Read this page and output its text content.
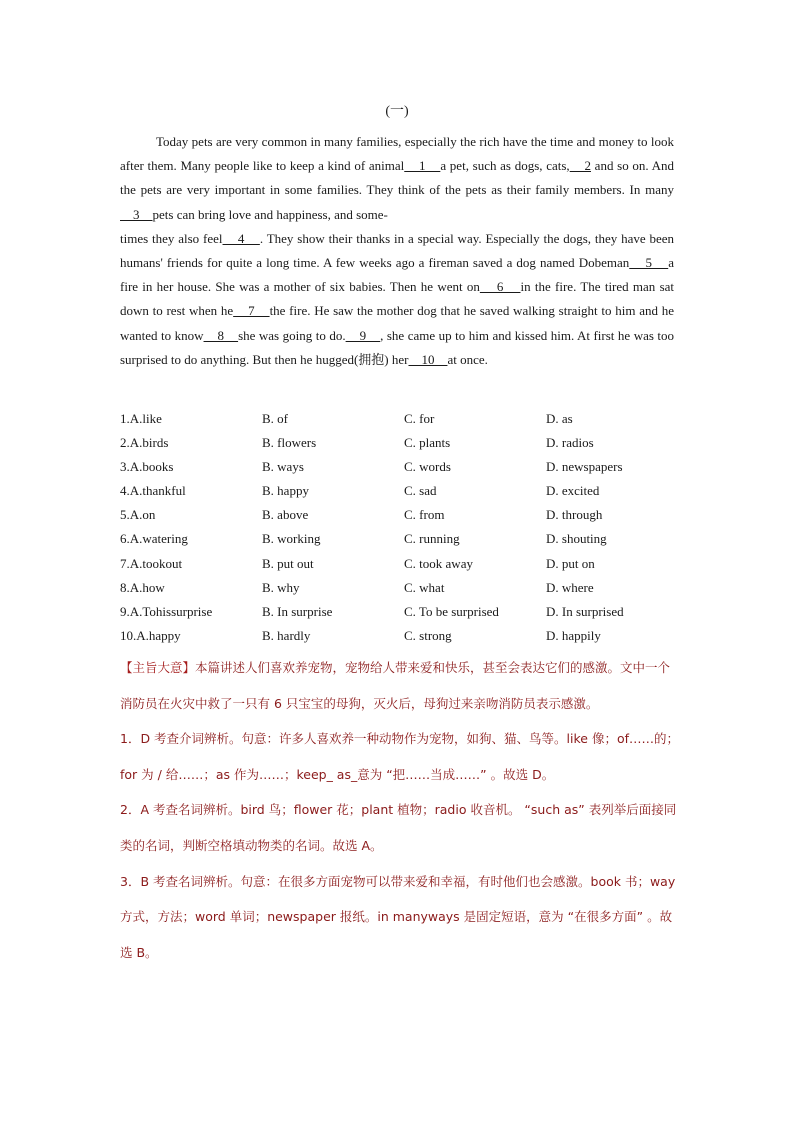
(一)

Today pets are very common in many families, especially the rich have the time and money to look after them. Many people like to keep a kind of animal    1    a pet, such as dogs, cats,    2 and so on. And the pets are very important in some families. They think of the pets as their family members. In many    3    pets can bring love and happiness, and some-

times they also feel    4    . They show their thanks in a special way. Especially the dogs, they have been humans' friends for quite a long time. A few weeks ago a fireman saved a dog named Dobeman    5    a fire in her house. She was a mother of six babies. Then he went on    6    in the fire. The tired man sat down to rest when he    7    the fire. He saw the mother dog that he saved walking straight to him and he wanted to know    8    she was going to do.    9    , she came up to him and kissed him. At first he was too surprised to do anything. But then he hugged(拥抱) her    10    at once.

1.A.like	B. of	C. for	D. as
2.A.birds	B. flowers	C. plants	D. radios
3.A.books	B. ways	C. words	D. newspapers
4.A.thankful	B. happy	C. sad	D. excited
5.A.on	B. above	C. from	D. through
6.A.watering	B. working	C. running	D. shouting
7.A.tookout	B. put out	C. took away	D. put on
8.A.how	B. why	C. what	D. where
9.A.Tohissurprise	B. In surprise	C. To be surprised	D. In surprised
10.A.happy	B. hardly	C. strong	D. happily

【主旨大意】本篇讲述人们喜欢养宠物，宠物给人带来爱和快乐，甚至会表达它们的感激。文中一个消防员在火灾中救了一只有 6 只宝宝的母狗，灭火后，母狗过来亲吻消防员表示感激。

1．D 考查介词辨析。句意：许多人喜欢养一种动物作为宠物，如狗、猫、鸟等。like 像；of……的；for 为 / 给……；as 作为……；keep_ as_意为 “把……当成……” 。故选 D。

2．A 考查名词辨析。bird 鸟；flower 花；plant 植物；radio 收音机。 “such as” 表列举后面接同类的名词，判断空格填动物类的名词。故选 A。

3．B 考查名词辨析。句意：在很多方面宠物可以带来爱和幸福，有时他们也会感激。book 书；way 方式，方法；word 单词；newspaper 报纸。in manyways 是固定短语，意为 “在很多方面” 。故选 B。
